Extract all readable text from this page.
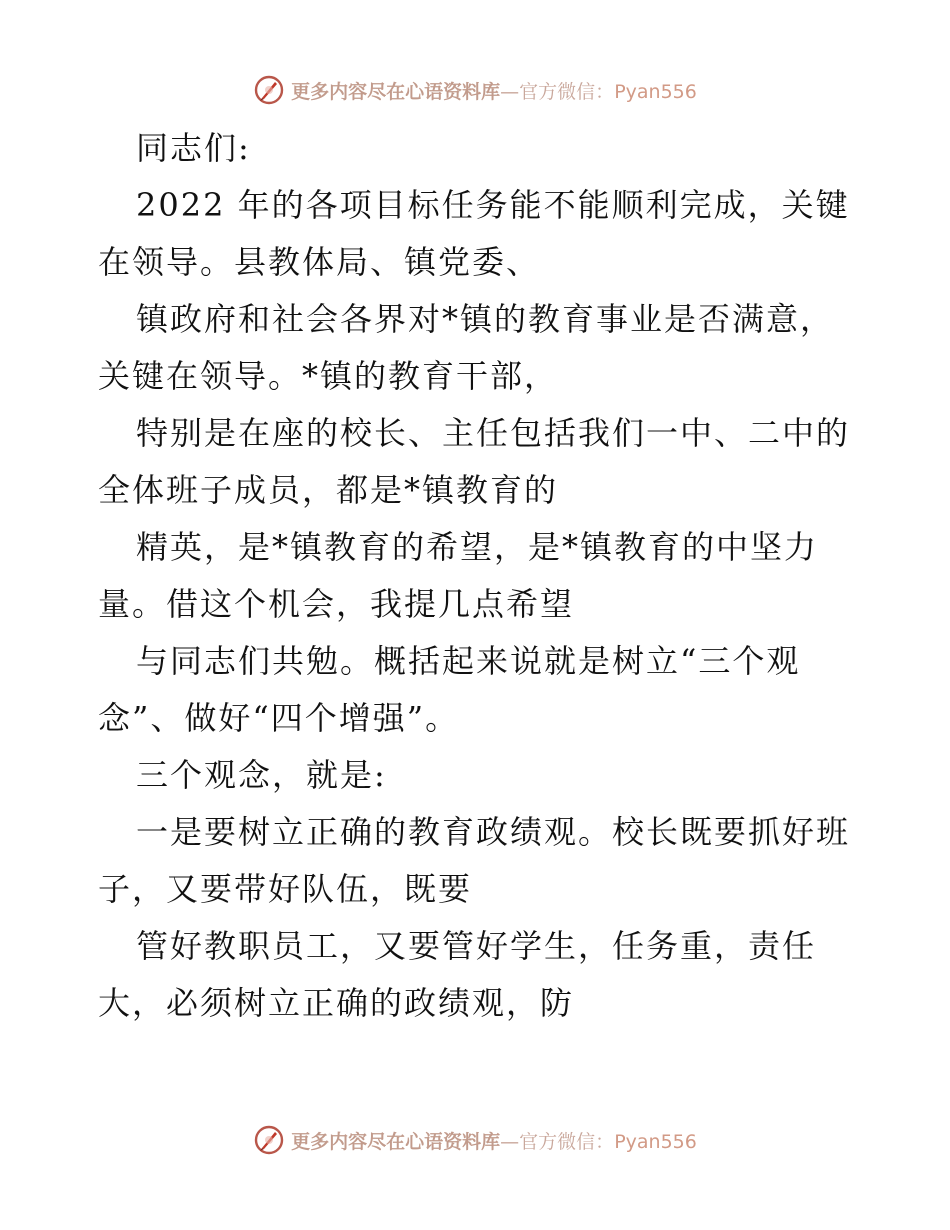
更多内容尽在心语资料库—官方微信：Pyan556
同志们:
2022 年的各项目标任务能不能顺利完成，关键
在领导。县教体局、镇党委、
镇政府和社会各界对*镇的教育事业是否满意，
关键在领导。*镇的教育干部，
特别是在座的校长、主任包括我们一中、二中的
全体班子成员，都是*镇教育的
精英，是*镇教育的希望，是*镇教育的中坚力
量。借这个机会，我提几点希望
与同志们共勉。概括起来说就是树立“三个观
念”、做好“四个增强”。
三个观念，就是:
一是要树立正确的教育政绩观。校长既要抓好班
子，又要带好队伍，既要
管好教职员工，又要管好学生，任务重，责任
大，必须树立正确的政绩观，防
更多内容尽在心语资料库—官方微信：Pyan556
